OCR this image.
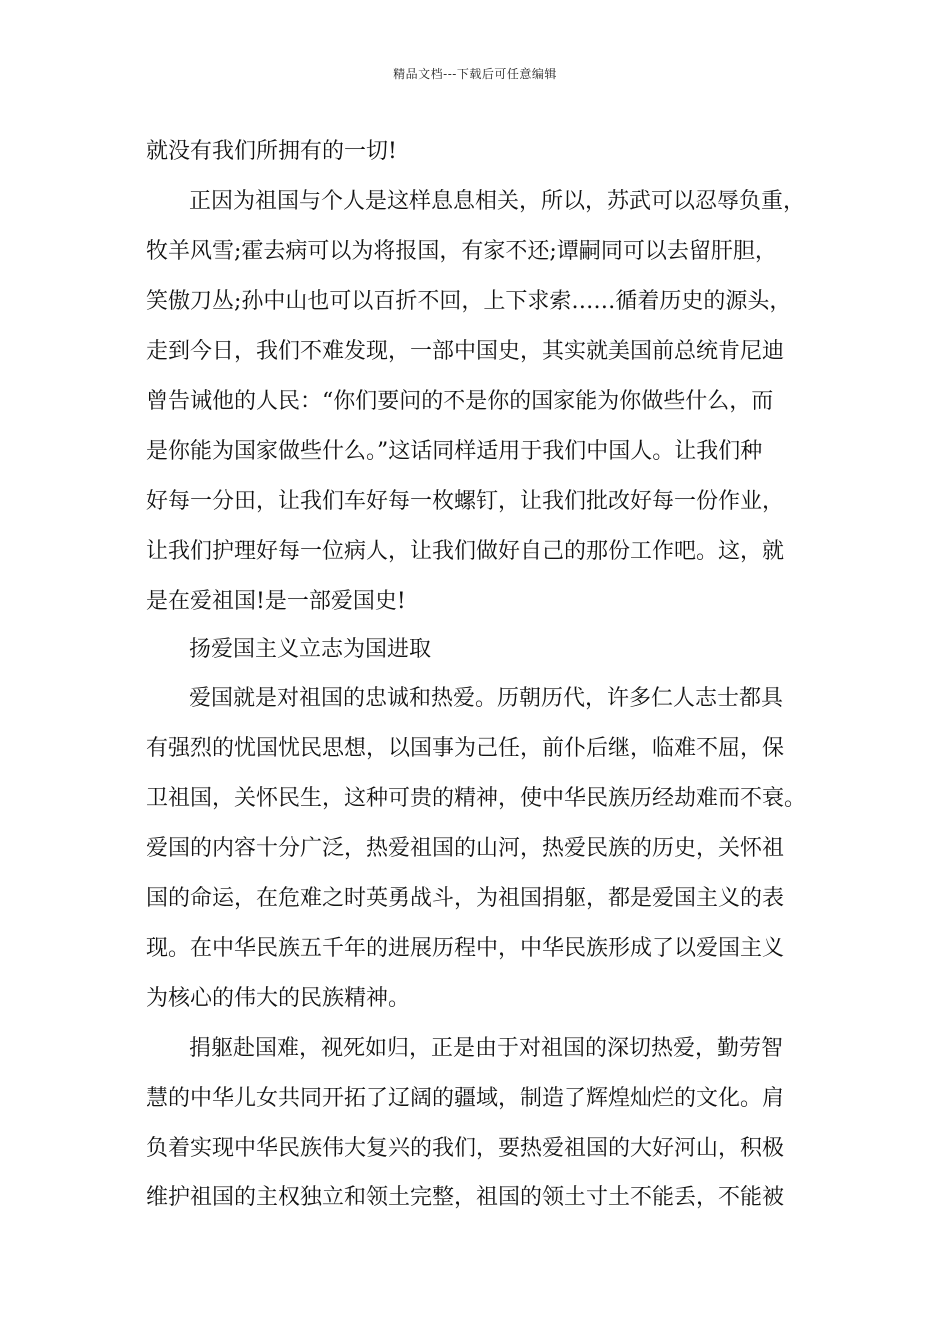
精品文档---下载后可任意编辑
就没有我们所拥有的一切!
正因为祖国与个人是这样息息相关，所以，苏武可以忍辱负重，
牧羊风雪;霍去病可以为将报国，有家不还;谭嗣同可以去留肝胆，
笑傲刀丛;孙中山也可以百折不回，上下求索……循着历史的源头，
走到今日，我们不难发现，一部中国史，其实就美国前总统肯尼迪
曾告诫他的人民：“你们要问的不是你的国家能为你做些什么，而
是你能为国家做些什么。”这话同样适用于我们中国人。让我们种
好每一分田，让我们车好每一枚螺钉，让我们批改好每一份作业，
让我们护理好每一位病人，让我们做好自己的那份工作吧。这，就
是在爱祖国!是一部爱国史!
扬爱国主义立志为国进取
爱国就是对祖国的忠诚和热爱。历朝历代，许多仁人志士都具
有强烈的忧国忧民思想，以国事为己任，前仆后继，临难不屈，保
卫祖国，关怀民生，这种可贵的精神，使中华民族历经劫难而不衰。
爱国的内容十分广泛，热爱祖国的山河，热爱民族的历史，关怀祖
国的命运，在危难之时英勇战斗，为祖国捐躯，都是爱国主义的表
现。在中华民族五千年的进展历程中，中华民族形成了以爱国主义
为核心的伟大的民族精神。
捐躯赴国难，视死如归，正是由于对祖国的深切热爱，勤劳智
慧的中华儿女共同开拓了辽阔的疆域，制造了辉煌灿烂的文化。肩
负着实现中华民族伟大复兴的我们，要热爱祖国的大好河山，积极
维护祖国的主权独立和领土完整，祖国的领土寸土不能丢，不能被
